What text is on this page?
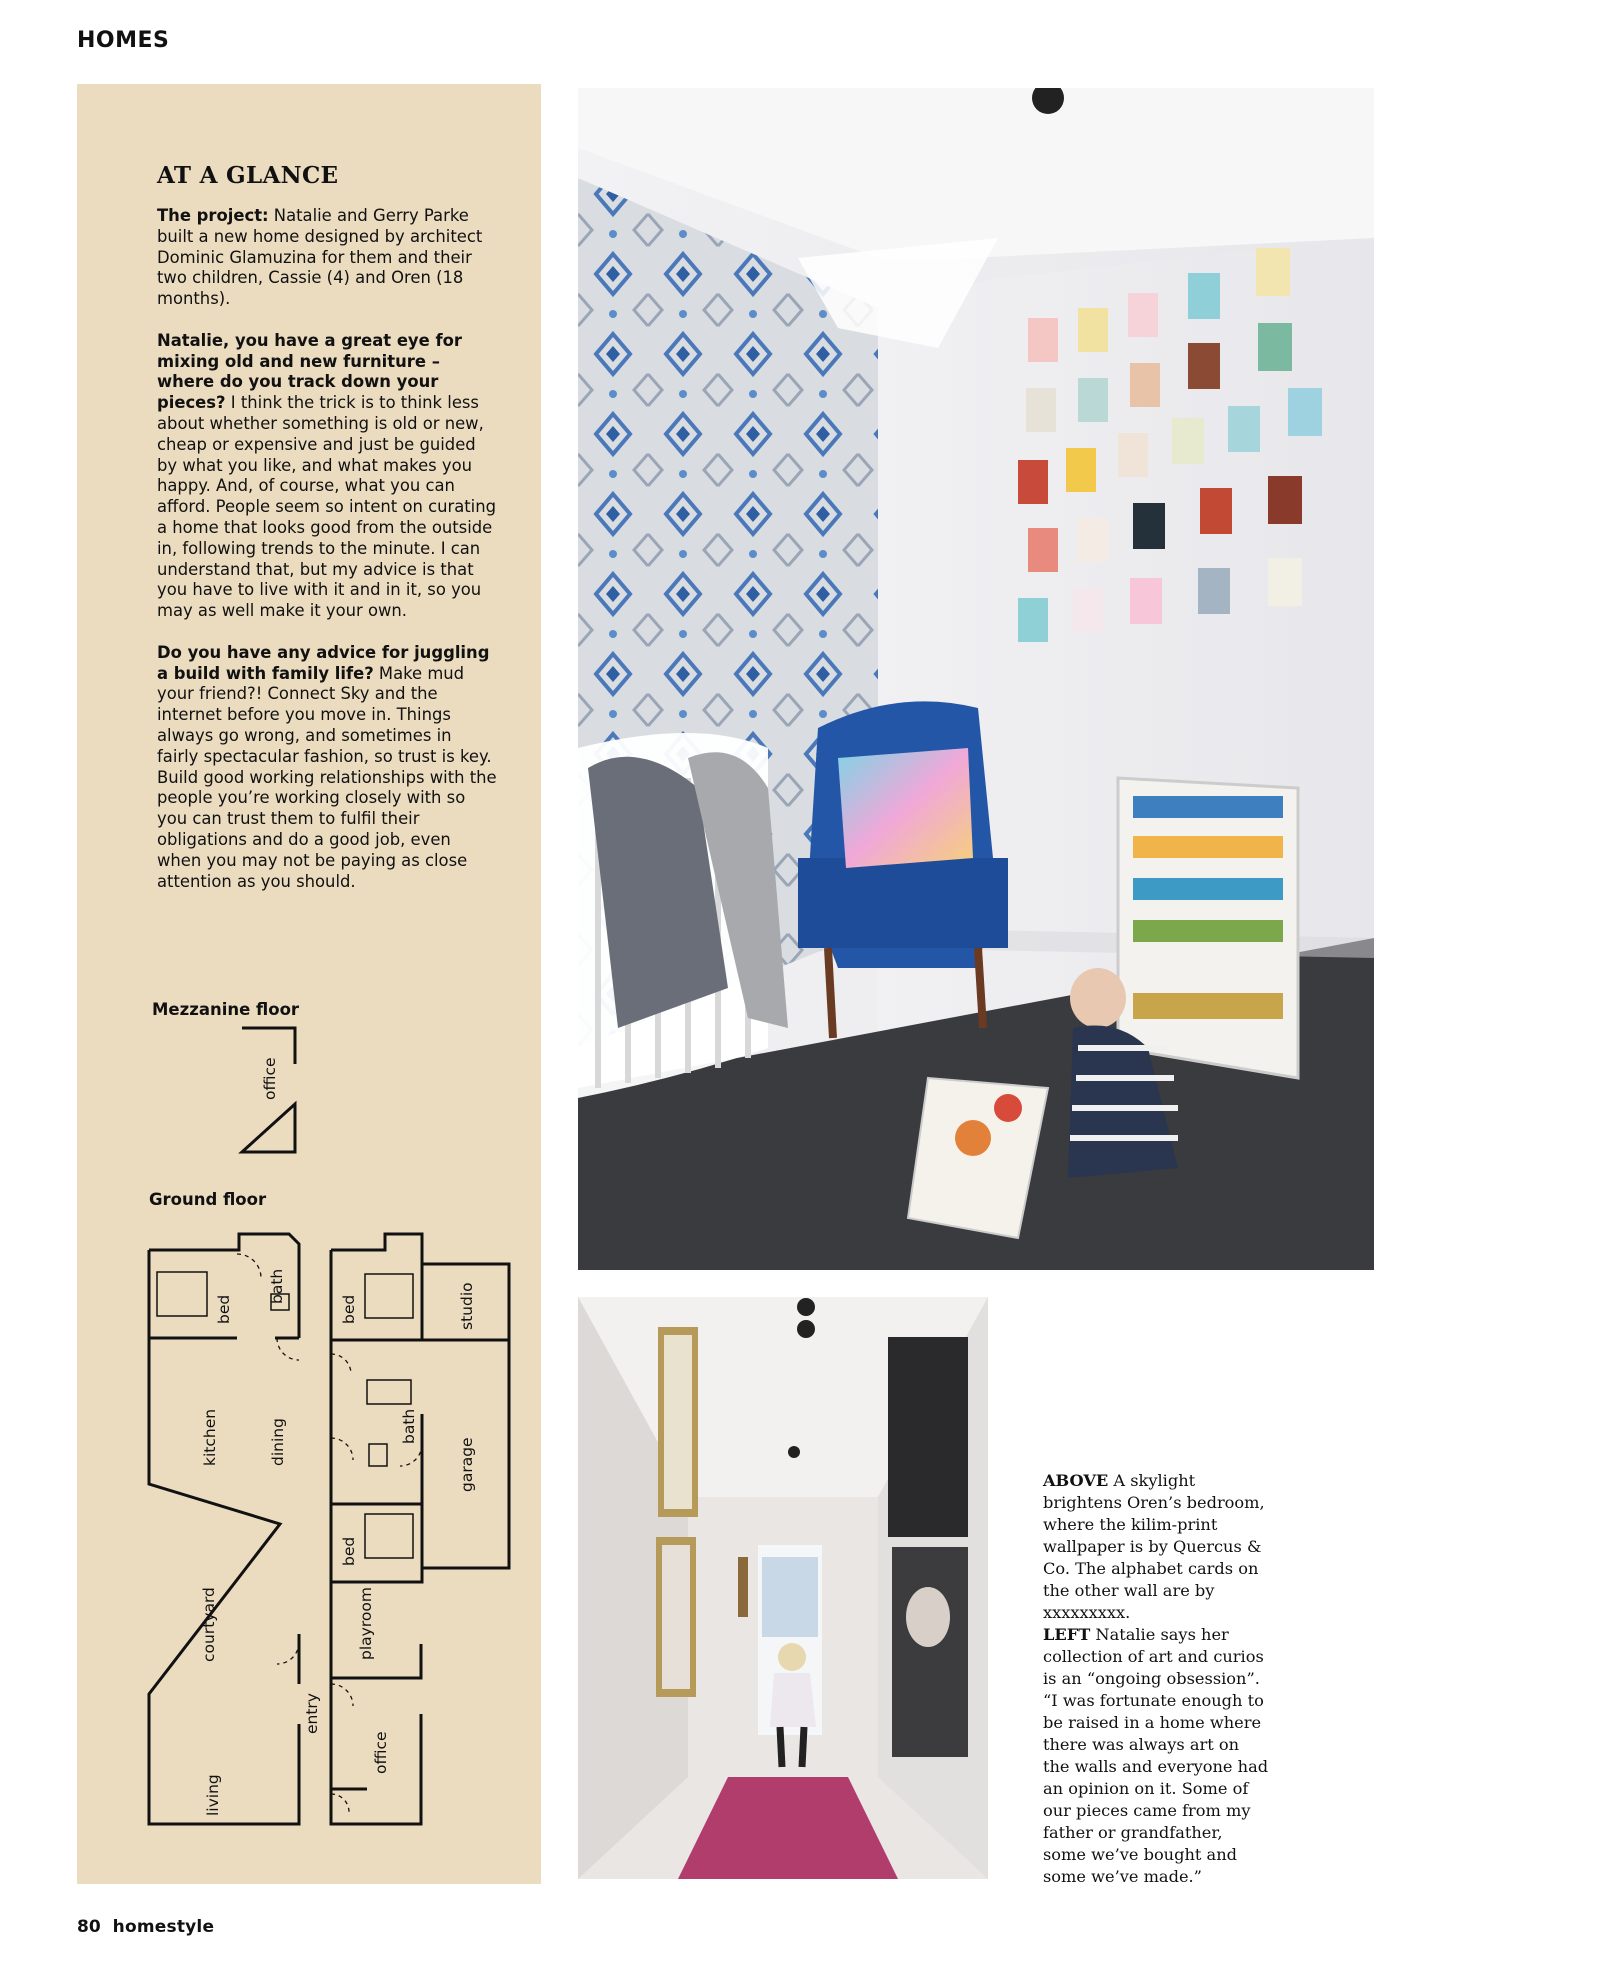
HOMES
AT A GLANCE

The project: Natalie and Gerry Parke built a new home designed by architect Dominic Glamuzina for them and their two children, Cassie (4) and Oren (18 months).

Natalie, you have a great eye for mixing old and new furniture – where do you track down your pieces? I think the trick is to think less about whether something is old or new, cheap or expensive and just be guided by what you like, and what makes you happy. And, of course, what you can afford. People seem so intent on curating a home that looks good from the outside in, following trends to the minute. I can understand that, but my advice is that you have to live with it and in it, so you may as well make it your own.

Do you have any advice for juggling a build with family life? Make mud your friend?! Connect Sky and the internet before you move in. Things always go wrong, and sometimes in fairly spectacular fashion, so trust is key. Build good working relationships with the people you’re working closely with so you can trust them to fulfil their obligations and do a good job, even when you may not be paying as close attention as you should.

Mezzanine floor
office
Ground floor
bath
bed	bed	studio
kitchen	dining	bath
garage
bed
courtyard	playroom
entry
office
living
ABOVE A skylight brightens Oren’s bedroom, where the kilim-print wallpaper is by Quercus & Co. The alphabet cards on the other wall are by xxxxxxxxx.
LEFT Natalie says her collection of art and curios is an “ongoing obsession”. “I was fortunate enough to be raised in a home where there was always art on the walls and everyone had an opinion on it. Some of our pieces came from my father or grandfather, some we’ve bought and some we’ve made.”
80 homestyle
